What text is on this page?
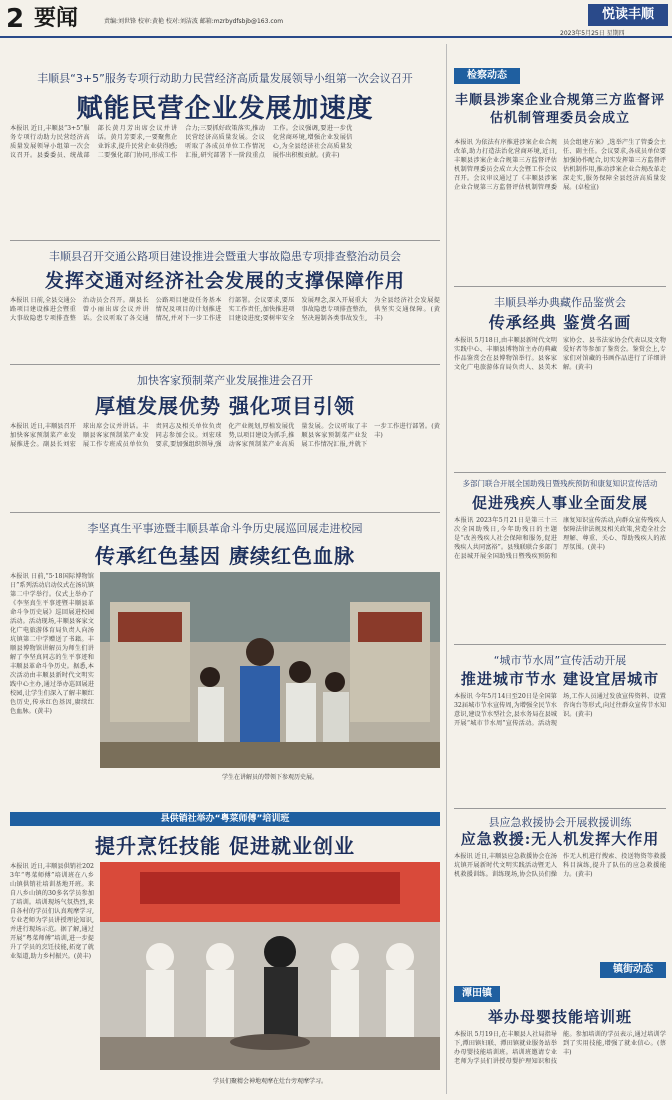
2 要闻	责编:刘世锋 校审:黄艳 校对:刘洁波 邮箱:mzrbydfsbjb@163.com	悦读丰顺
2023年5月25日 星期四
丰顺县“3+5”服务专项行动助力民营经济高质量发展领导小组第一次会议召开
赋能民营企业发展加速度
本报讯 近日,丰顺县“3+5”服务专项行动助力民营经济高质量发展领导小组第一次会议召开。县委委员、统战部部长黄月芳出席会议并讲话。黄月芳要求,一要聚焦企业诉求,提升民营企业获得感;二要强化部门协同,形成工作合力;三要抓好政策落实,推动民营经济高质量发展。会议听取了各成员单位工作情况汇报,研究部署下一阶段重点工作。会议强调,要进一步优化营商环境,增强企业发展信心,为全县经济社会高质量发展作出积极贡献。(黄丰)
丰顺县召开交通公路项目建设推进会暨重大事故隐患专项排查整治动员会
发挥交通对经济社会发展的支撑保障作用
本报讯 日前,全县交通公路项目建设推进会暨重大事故隐患专项排查整治动员会召开。副县长曾小丽出席会议并讲话。会议听取了各交通公路项目建设任务基本情况及项目的计划推进情况,并对下一步工作进行部署。会议要求,要压实工作责任,加快推进项目建设进度;要树牢安全发展理念,深入开展重大事故隐患专项排查整治,坚决遏制各类事故发生,为全县经济社会发展提供坚实交通保障。(黄丰)
加快客家预制菜产业发展推进会召开
厚植发展优势 强化项目引领
本报讯 近日,丰顺县召开加快客家预制菜产业发展推进会。副县长刘宏球出席会议并讲话。丰顺县客家预制菜产业发展工作专班成员单位负责同志及相关单位负责同志参加会议。刘宏球要求,要加强组织领导,强化产业规划,厚植发展优势,以项目建设为抓手,推动客家预制菜产业高质量发展。会议听取了丰顺县客家预制菜产业发展工作情况汇报,并就下一步工作进行部署。(黄丰)
李坚真生平事迹暨丰顺县革命斗争历史展巡回展走进校园
传承红色基因 赓续红色血脉
本报讯 日前,“5·18国际博物馆日”系列活动启动仪式在汤坑镇第二中学举行。仪式上举办了《李坚真生平事迹暨丰顺县革命斗争历史展》巡回展进校园活动。活动现场,丰顺县客家文化广电旅游体育局负责人向汤坑镇第二中学赠送了书籍。丰顺县博物馆讲解员为师生们讲解了李坚真同志的生平事迹和丰顺县革命斗争历史。据悉,本次活动由丰顺县新时代文明实践中心主办,通过举办巡回展进校园,让学生们深入了解丰顺红色历史,传承红色基因,赓续红色血脉。(黄丰)
学生在讲解员的带领下参观历史展。
县供销社举办“粤菜师傅”培训班
提升烹饪技能 促进就业创业
本报讯 近日,丰顺县供销社2023年“粤菜师傅”培训班在八乡山镇供销社培训基地开班。来自八乡山镇的30多名学员参加了培训。培训现场气氛热烈,来自各村的学员们认真观摩学习,专业老师为学员讲授理论知识,并进行现场示范。据了解,通过开展“粤菜师傅”培训,进一步提升了学员的烹饪技能,拓宽了就业渠道,助力乡村振兴。(黄丰)
学员们聚精会神地观摩在灶台旁观摩学习。
检察动态
丰顺县涉案企业合规第三方监督评估机制管理委员会成立
本报讯 为依法有序推进涉案企业合规改革,助力打造法治化营商环境,近日,丰顺县涉案企业合规第三方监督评估机制管理委员会成立大会暨工作会议召开。会议审议通过了《丰顺县涉案企业合规第三方监督评估机制管理委员会组建方案》,选举产生了管委会主任、副主任。会议要求,各成员单位要加强协作配合,切实发挥第三方监督评估机制作用,推动涉案企业合规改革走深走实,服务保障全县经济高质量发展。(卓检宣)
丰顺县举办典藏作品鉴赏会
传承经典 鉴赏名画
本报讯 5月18日,由丰顺县新时代文明实践中心、丰顺县博物馆主办的典藏作品鉴赏会在县博物馆举行。县客家文化广电旅游体育局负责人、县美术家协会、县书法家协会代表以及文物爱好者等参加了鉴赏会。鉴赏会上,专家们对馆藏的书画作品进行了详细讲解。(黄丰)
多部门联合开展全国助残日暨残疾预防和康复知识宣传活动
促进残疾人事业全面发展
本报讯 2023年5月21日是第三十三次全国助残日,今年助残日的主题是“改善残疾人社会保障和服务,促进残疾人共同富裕”。县残联联合多部门在县城开展全国助残日暨残疾预防和康复知识宣传活动,向群众宣传残疾人保障法律法规及相关政策,营造全社会理解、尊重、关心、帮助残疾人的浓厚氛围。(黄丰)
“城市节水周”宣传活动开展
推进城市节水 建设宜居城市
本报讯 今年5月14日至20日是全国第32届城市节水宣传周,为增强全民节水意识,建设节水型社会,县水务局在县城开展“城市节水周”宣传活动。活动现场,工作人员通过发放宣传资料、设置咨询台等形式,向过往群众宣传节水知识。(黄丰)
县应急救援协会开展救援训练
应急救援:无人机发挥大作用
本报讯 近日,丰顺县应急救援协会在汤坑镇开展新时代文明实践活动暨无人机救援训练。训练现场,协会队员们操作无人机进行搜索、投送物资等救援科目演练,提升了队伍的应急救援能力。(黄丰)
镇街动态
潭田镇
举办母婴技能培训班
本报讯 5月19日,在丰顺县人社局指导下,潭田镇妇联、潭田镇就业服务站举办母婴技能培训班。培训班邀请专业老师为学员们讲授母婴护理知识和技能。参加培训的学员表示,通过培训学到了实用技能,增强了就业信心。(蔡丰)
